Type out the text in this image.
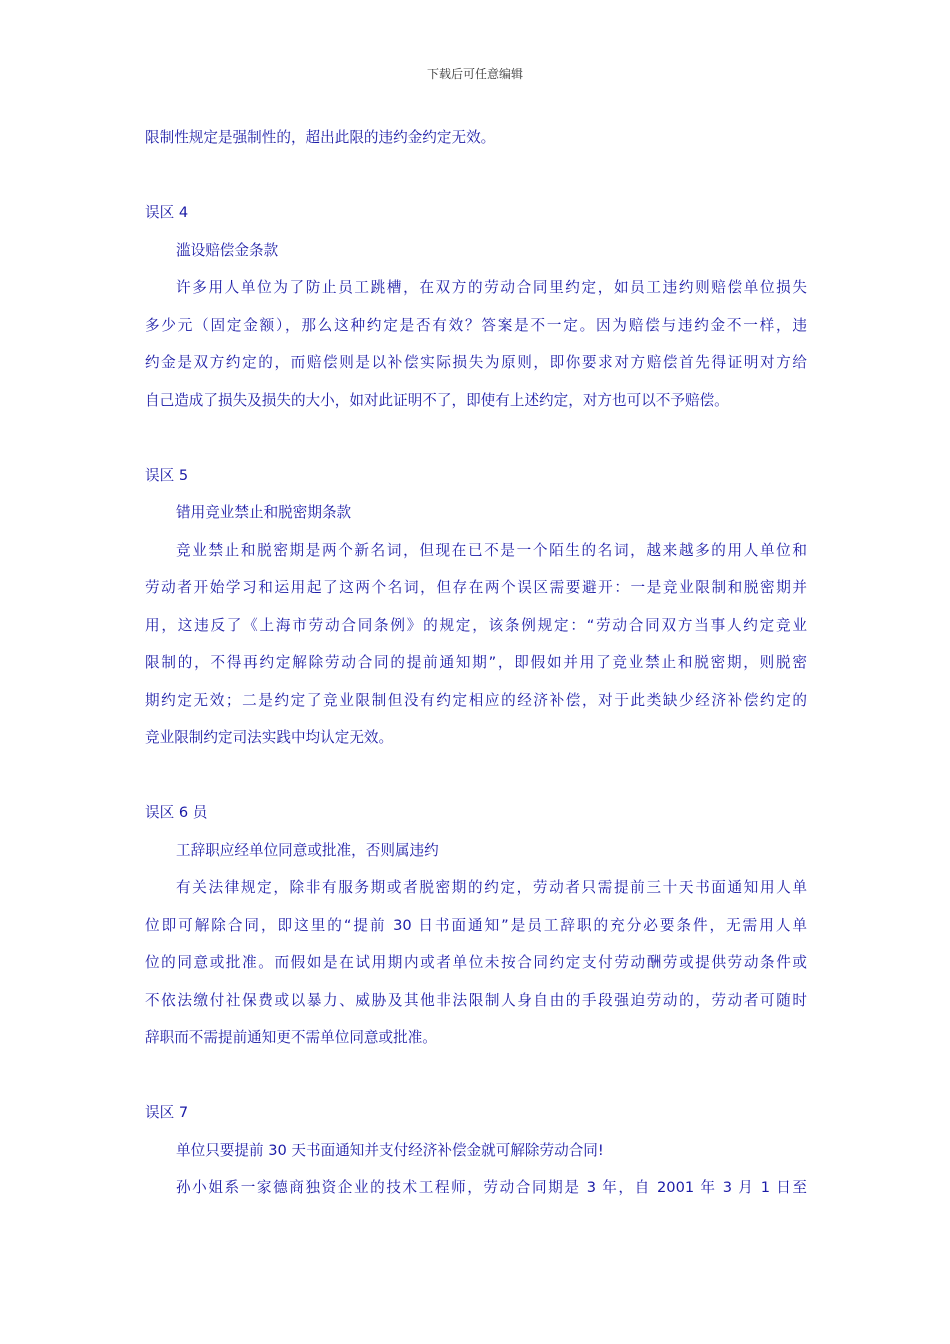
下载后可任意编辑
限制性规定是强制性的，超出此限的违约金约定无效。
误区 4
滥设赔偿金条款
许多用人单位为了防止员工跳槽，在双方的劳动合同里约定，如员工违约则赔偿单位损失
多少元（固定金额），那么这种约定是否有效？答案是不一定。因为赔偿与违约金不一样，违
约金是双方约定的，而赔偿则是以补偿实际损失为原则，即你要求对方赔偿首先得证明对方给
自己造成了损失及损失的大小，如对此证明不了，即使有上述约定，对方也可以不予赔偿。
误区 5
错用竞业禁止和脱密期条款
竞业禁止和脱密期是两个新名词，但现在已不是一个陌生的名词，越来越多的用人单位和
劳动者开始学习和运用起了这两个名词，但存在两个误区需要避开：一是竞业限制和脱密期并
用，这违反了《上海市劳动合同条例》的规定，该条例规定：“劳动合同双方当事人约定竞业
限制的，不得再约定解除劳动合同的提前通知期”，即假如并用了竞业禁止和脱密期，则脱密
期约定无效；二是约定了竞业限制但没有约定相应的经济补偿，对于此类缺少经济补偿约定的
竞业限制约定司法实践中均认定无效。
误区 6 员
工辞职应经单位同意或批准，否则属违约
有关法律规定，除非有服务期或者脱密期的约定，劳动者只需提前三十天书面通知用人单
位即可解除合同，即这里的“提前 30 日书面通知”是员工辞职的充分必要条件，无需用人单
位的同意或批准。而假如是在试用期内或者单位未按合同约定支付劳动酬劳或提供劳动条件或
不依法缴付社保费或以暴力、威胁及其他非法限制人身自由的手段强迫劳动的，劳动者可随时
辞职而不需提前通知更不需单位同意或批准。
误区 7
单位只要提前 30 天书面通知并支付经济补偿金就可解除劳动合同!
孙小姐系一家德商独资企业的技术工程师，劳动合同期是 3 年，自 2001 年 3 月 1 日至
